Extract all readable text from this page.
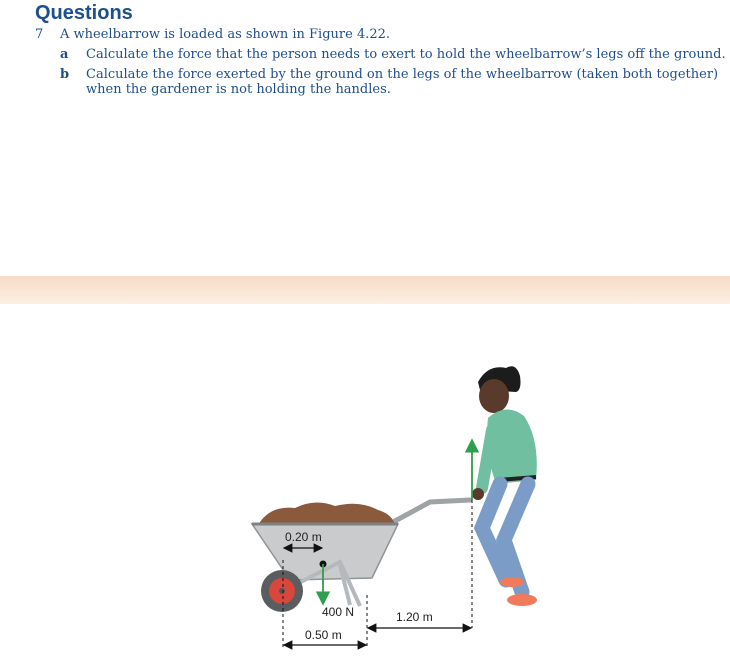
Questions
7 A wheelbarrow is loaded as shown in Figure 4.22.
a Calculate the force that the person needs to exert to hold the wheelbarrow’s legs off the ground.
b Calculate the force exerted by the ground on the legs of the wheelbarrow (taken both together)
when the gardener is not holding the handles.
0.20 m
400 N	1.20 m
0.50 m
